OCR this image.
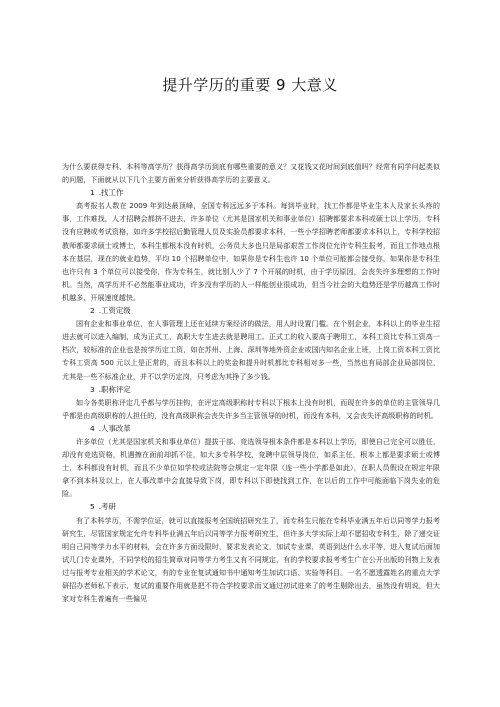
提升学历的重要 9 大意义

为什么要获得专科、本科等高学历？获得高学历到底有哪些重要的意义？又花钱又花时间到底值吗？经常有同学问起类似的问题，下面就从以下几个主要方面来分析获得高学历的主要意义。

1 .找工作

高考报名人数在 2009 年到达最顶峰，全国专科远远多于本科。每到毕业时，找工作都是毕业生本人及家长头疼的事，工作难找，人才招聘会都挤不进去，许多单位（尤其是国家机关和事业单位）招聘都要求本科或硕士以上学历，专科没有应聘或考试资格，如许多学校招后勤管理人员及实验员都要求本科，一些小学招聘老师都要求本科以上，专科学校招教师都要求硕士或博士，本科生都根本没有时机，公务员大多也只是局部艰苦工作岗位允许专科生报考，而且工作地点根本在基层，现在的就业趋势，平均 10 个招聘单位中，如果你是专科生也许 10 个单位可能都会接受你，如果你是专科生也许只有 3 个单位可以接受你，作为专科生，就比别人少了 7 个开展的时机，由于学历原因，会丧失许多理想的工作时机。当然，高学历并不必然能事业成功，许多没有学历的人一样能创业很成功，但当今社会的大趋势还是学历越高工作时机越多、开展速度越快。

2 .工资定级

国有企业和事业单位，在人事管理上还在延续方案经济的做法，用人时设置门槛。在个别企业，本科以上的毕业生招进去就可以进入编制，成为正式工，高职大专生进去就是聘用工。正式工的收入要高于聘用工，本科工资比专科工资高一档次，较标准的企业也是按学历定工资，如在苏州、上海、深圳等地外资企业或国内知名企业上班，上岗工资本科工资比专科工资高 500 元以上是正常的，而且本科以上的奖金和提升时机都比专科相对多一些，当然也有局部企业局部岗位，尤其是一些不标准企业，并不以学历定岗，只考虑为其挣了多少钱。

3 .职称评定

如今各类职称评定几乎都与学历挂钩，在评定高级职称时专科以下根本上没有时机，而现在许多的单位的主管领导几乎都是由高级职称的人担任的，没有高级职称会丧失许多当主管领导的时机，而没有本科，又会丧失评高级职称的时机。

4 .人事改革

许多单位（尤其是国家机关和事业单位）提拔干部、竞选领导根本条件都是本科以上学历，即使自己完全可以胜任，却没有竞选资格，机遇擦在面前却抓不住，如大多专科学校，竞聘中层领导岗位，如系主任，根本上都是要求硕士或博士，本科都没有时机，而且不少单位如学校或法院等会规定一定年限（连一些小学都是如此），在职人员假设在规定年限拿不到本科及以上，在人事改革中会直接导致下岗，即专科以下即使找到工作，在以后的工作中可能面临下岗失业的危险。

5 .考研

有了本科学历，不需学位证，就可以直接报考全国统招研究生了，而专科生只能在专科毕业满五年后以同等学力报考研究生，尽管国家规定允许专科毕业满五年后以同等学力报考研究生，但许多大学实际上却不愿招收专科生，除了递交证明自己同等学力水平的材料，会在许多方面设限时，要求发表论文，加试专业课，英语到达什么水平等，进入复试后面加试几门专业课外，不同学校的招生简章对同等学力考生又有不同规定，有的学校要求报考考生广在公开出版的刊物上发表过与报考专业相关的学术论文，有的专业在复试通知书中通知考生加试口语、实验等科目。一名不愿透露姓名的重点大学研招办老师私下表示，复试的重要作用就是把不符合学校要求而又通过初试进来了的考生剔除出去，虽然没有明说，但大家对专科生普遍有一些偏见
